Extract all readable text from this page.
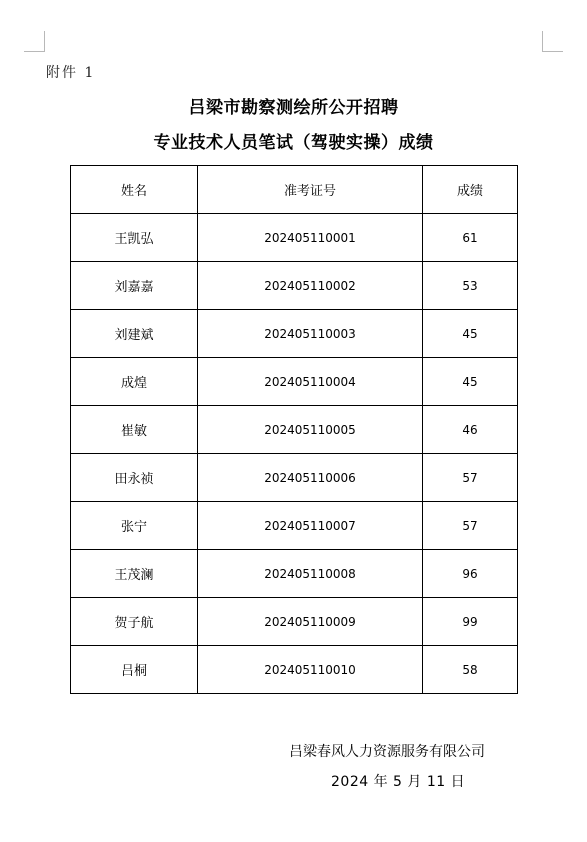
附件 1
吕梁市勘察测绘所公开招聘
专业技术人员笔试（驾驶实操）成绩
姓名	准考证号	成绩
王凯弘	202405110001	61
刘嘉嘉	202405110002	53
刘建斌	202405110003	45
成煌	202405110004	45
崔敏	202405110005	46
田永祯	202405110006	57
张宁	202405110007	57
王茂澜	202405110008	96
贺子航	202405110009	99
吕桐	202405110010	58
吕梁春风人力资源服务有限公司
2024 年 5 月 11 日
